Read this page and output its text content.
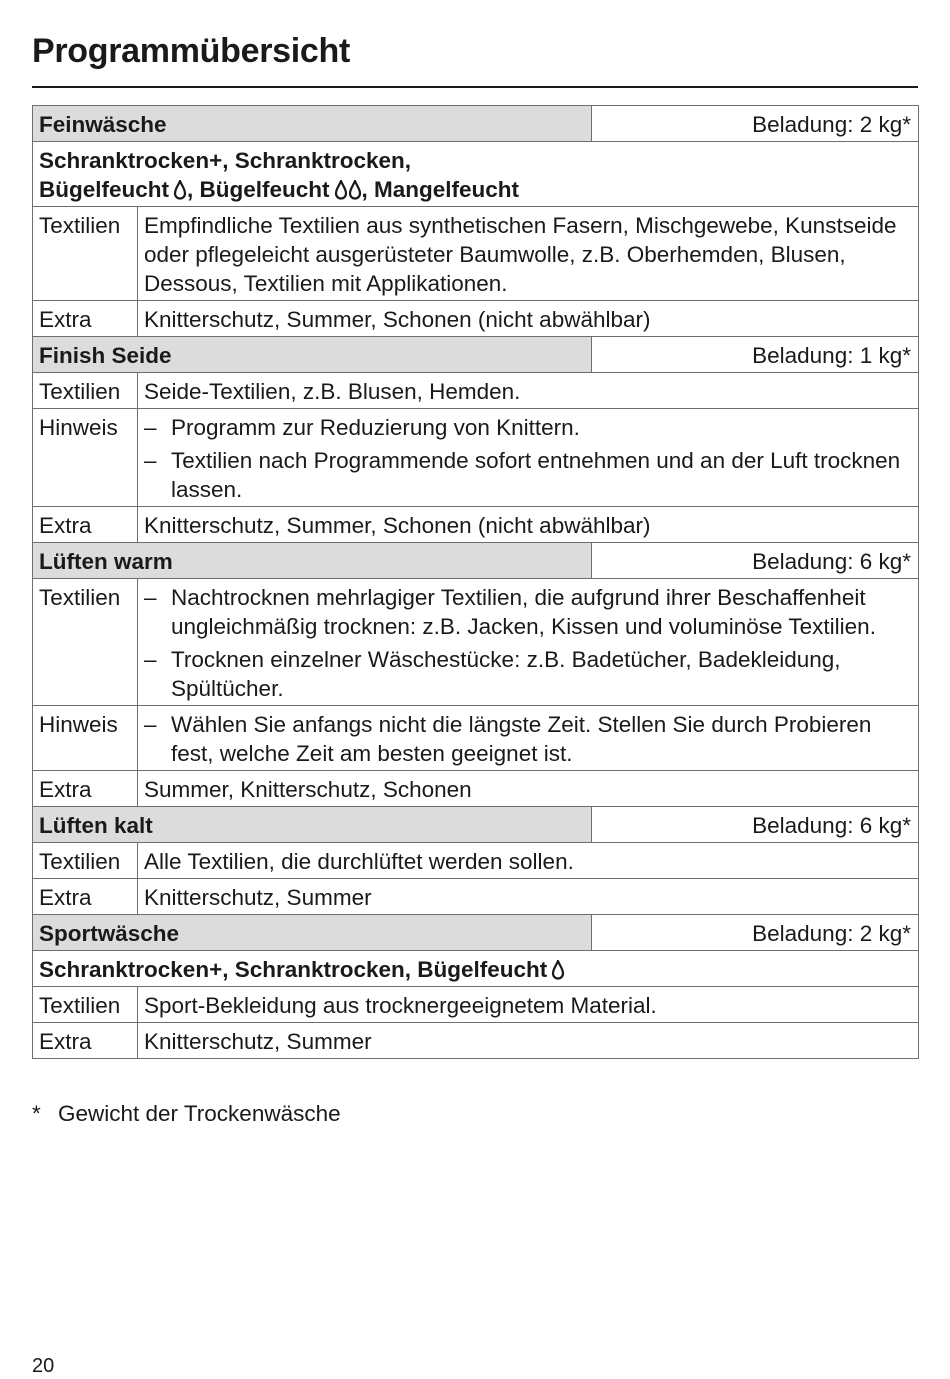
Programmübersicht
Feinwäsche		Beladung: 2 kg*
Schranktrocken+, Schranktrocken,
Bügelfeucht , Bügelfeucht , Mangelfeucht		
Textilien	Empfindliche Textilien aus synthetischen Fasern, Mischgewebe, Kunstseide oder pflegeleicht ausgerüsteter Baumwolle, z.B. Oberhemden, Blusen, Dessous, Textilien mit Applikationen.	
Extra	Knitterschutz, Summer, Schonen (nicht abwählbar)	
Finish Seide		Beladung: 1 kg*
Textilien	Seide-Textilien, z.B. Blusen, Hemden.	
Hinweis	– Programm zur Reduzierung von Knittern.
– Textilien nach Programmende sofort entnehmen und an der Luft trocknen lassen.	

Extra	Knitterschutz, Summer, Schonen (nicht abwählbar)	
Lüften warm		Beladung: 6 kg*
Textilien	– Nachtrocknen mehrlagiger Textilien, die aufgrund ihrer Beschaffenheit ungleichmäßig trocknen: z.B. Jacken, Kissen und voluminöse Textilien.
– Trocknen einzelner Wäschestücke: z.B. Badetücher, Badekleidung, Spültücher.	

Hinweis	– Wählen Sie anfangs nicht die längste Zeit. Stellen Sie durch Probieren fest, welche Zeit am besten geeignet ist.	

Extra	Summer, Knitterschutz, Schonen	
Lüften kalt		Beladung: 6 kg*
Textilien	Alle Textilien, die durchlüftet werden sollen.	
Extra	Knitterschutz, Summer	
Sportwäsche		Beladung: 2 kg*
Schranktrocken+, Schranktrocken, Bügelfeucht		

Textilien	Sport-Bekleidung aus trocknergeeignetem Material.	
Extra	Knitterschutz, Summer	
* Gewicht der Trockenwäsche
20
